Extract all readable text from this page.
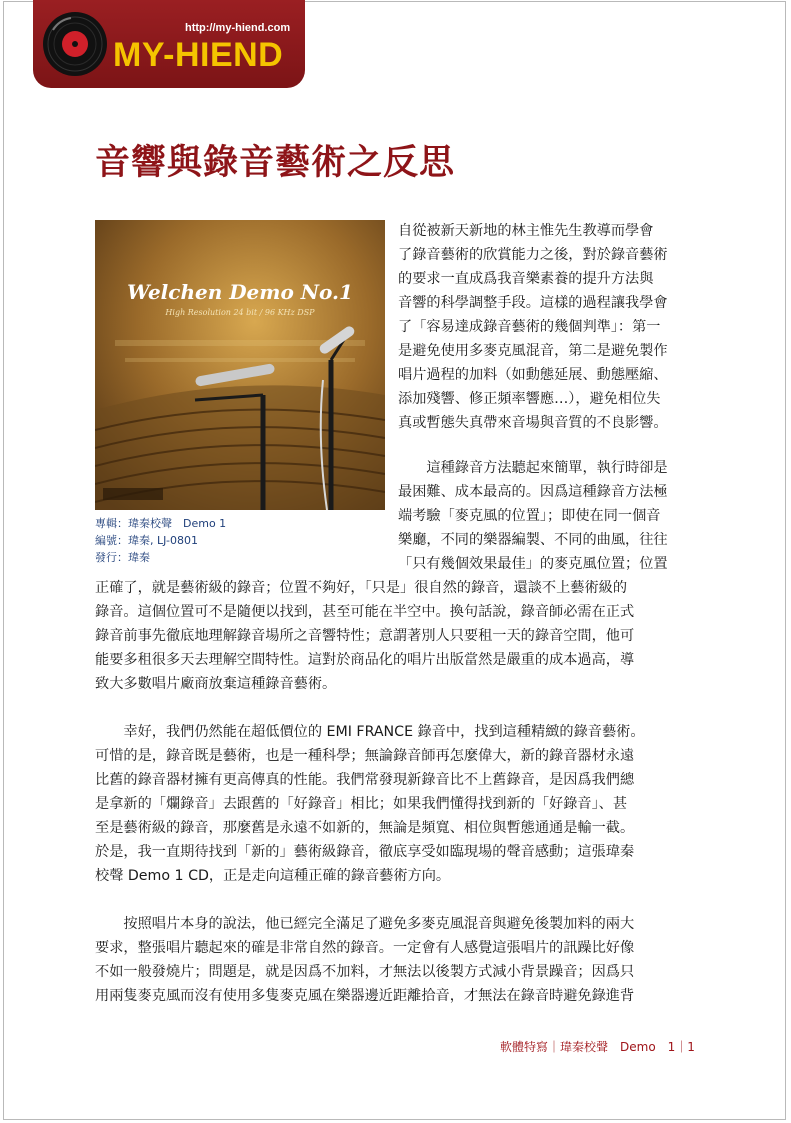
http://my-hiend.com
MY-HIEND
音響與錄音藝術之反思
Welchen Demo No.1
High Resolution 24 bit / 96 KHz DSP
專輯：瑋秦校聲　Demo 1
編號：瑋秦, LJ-0801
發行：瑋秦
自從被新天新地的林主惟先生教導而學會
了錄音藝術的欣賞能力之後，對於錄音藝術
的要求一直成爲我音樂素養的提升方法與
音響的科學調整手段。這樣的過程讓我學會
了「容易達成錄音藝術的幾個判準」：第一
是避免使用多麥克風混音，第二是避免製作
唱片過程的加料（如動態延展、動態壓縮、
添加殘響、修正頻率響應…），避免相位失
真或暫態失真帶來音場與音質的不良影響。
　　這種錄音方法聽起來簡單，執行時卻是
最困難、成本最高的。因爲這種錄音方法極
端考驗「麥克風的位置」；即使在同一個音
樂廳，不同的樂器編製、不同的曲風，往往
「只有幾個效果最佳」的麥克風位置；位置
正確了，就是藝術級的錄音；位置不夠好，「只是」很自然的錄音，還談不上藝術級的
錄音。這個位置可不是隨便以找到，甚至可能在半空中。換句話說，錄音師必需在正式
錄音前事先徹底地理解錄音場所之音響特性；意謂著別人只要租一天的錄音空間，他可
能要多租很多天去理解空間特性。這對於商品化的唱片出版當然是嚴重的成本過高，導
致大多數唱片廠商放棄這種錄音藝術。
　　幸好，我們仍然能在超低價位的 EMI FRANCE 錄音中，找到這種精緻的錄音藝術。
可惜的是，錄音既是藝術，也是一種科學；無論錄音師再怎麼偉大，新的錄音器材永遠
比舊的錄音器材擁有更高傳真的性能。我們常發現新錄音比不上舊錄音，是因爲我們總
是拿新的「爛錄音」去跟舊的「好錄音」相比；如果我們懂得找到新的「好錄音」、甚
至是藝術級的錄音，那麼舊是永遠不如新的，無論是頻寬、相位與暫態通通是輸一截。
於是，我一直期待找到「新的」藝術級錄音，徹底享受如臨現場的聲音感動；這張瑋秦
校聲 Demo 1 CD，正是走向這種正確的錄音藝術方向。
　　按照唱片本身的說法，他已經完全滿足了避免多麥克風混音與避免後製加料的兩大
要求，整張唱片聽起來的確是非常自然的錄音。一定會有人感覺這張唱片的訊躁比好像
不如一般發燒片；問題是，就是因爲不加料，才無法以後製方式減小背景躁音；因爲只
用兩隻麥克風而沒有使用多隻麥克風在樂器邊近距離拾音，才無法在錄音時避免錄進背
軟體特寫｜瑋秦校聲　Demo　1｜1
